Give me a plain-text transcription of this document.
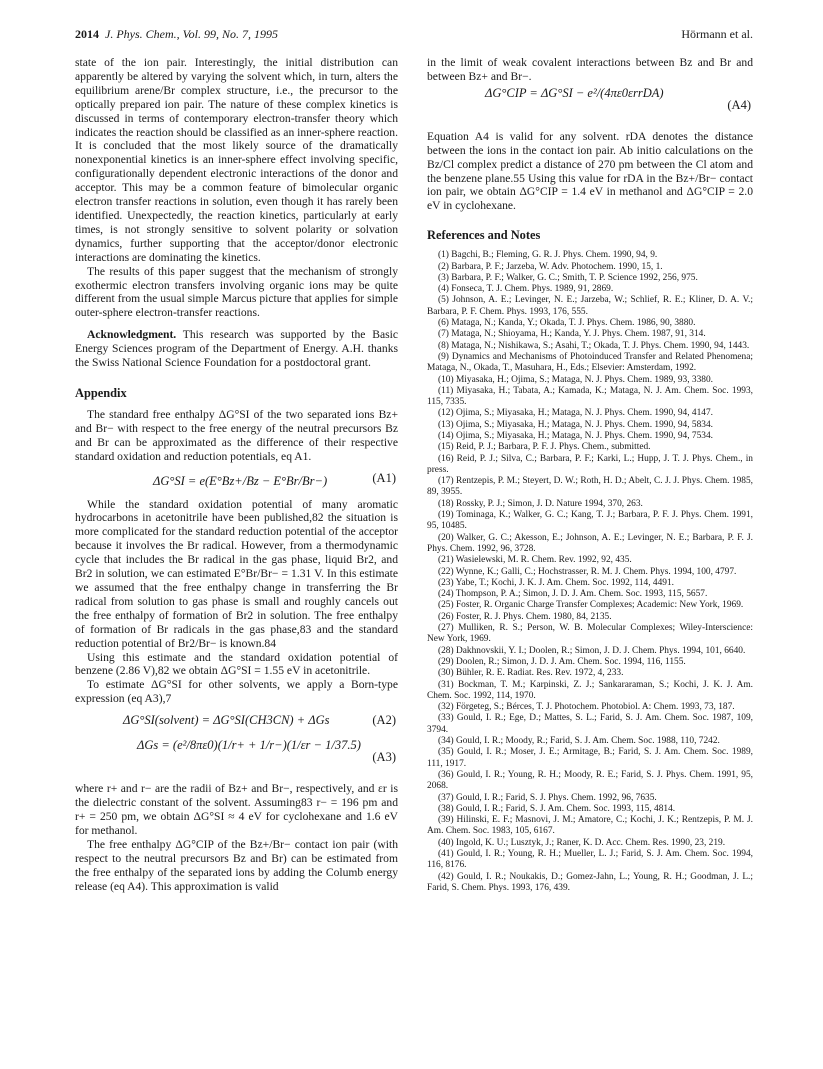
2014 J. Phys. Chem., Vol. 99, No. 7, 1995	Hörmann et al.

state of the ion pair. Interestingly, the initial distribution can apparently be altered by varying the solvent which, in turn, alters the equilibrium arene/Br complex structure, i.e., the precursor to the optically prepared ion pair. The nature of these complex kinetics is discussed in terms of contemporary electron-transfer theory which indicates the reaction should be classified as an inner-sphere reaction. It is concluded that the most likely source of the dramatically nonexponential kinetics is an inner-sphere effect involving specific, configurationally dependent electronic interactions of the donor and acceptor. This may be a common feature of bimolecular organic electron transfer reactions in solution, even though it has rarely been identified. Unexpectedly, the reaction kinetics, particularly at early times, is not strongly sensitive to solvent polarity or solvation dynamics, further supporting that the acceptor/donor electronic interactions are dominating the kinetics.

The results of this paper suggest that the mechanism of strongly exothermic electron transfers involving organic ions may be quite different from the usual simple Marcus picture that applies for simple outer-sphere electron-transfer reactions.

Acknowledgment. This research was supported by the Basic Energy Sciences program of the Department of Energy. A.H. thanks the Swiss National Science Foundation for a postdoctoral grant.

Appendix

The standard free enthalpy ΔG°SI of the two separated ions Bz+ and Br− with respect to the free energy of the neutral precursors Bz and Br can be approximated as the difference of their respective standard oxidation and reduction potentials, eq A1.

ΔG°SI = e(E°Bz+/Bz − E°Br/Br−)	(A1)

While the standard oxidation potential of many aromatic hydrocarbons in acetonitrile have been published,82 the situation is more complicated for the standard reduction potential of the acceptor because it involves the Br radical. However, from a thermodynamic cycle that includes the Br radical in the gas phase, liquid Br2, and Br2 in solution, we can estimated E°Br/Br− = 1.31 V. In this estimate we assumed that the free enthalpy change in transferring the Br radical from solution to gas phase is small and roughly cancels out the free enthalpy of formation of Br2 in solution. The free enthalpy of formation of Br radicals in the gas phase,83 and the standard reduction potential of Br2/Br− is known.84

Using this estimate and the standard oxidation potential of benzene (2.86 V),82 we obtain ΔG°SI = 1.55 eV in acetonitrile.

To estimate ΔG°SI for other solvents, we apply a Born-type expression (eq A3),7

ΔG°SI(solvent) = ΔG°SI(CH3CN) + ΔGs	(A2)
ΔGs = (e²/8πε0)(1/r+ + 1/r−)(1/εr − 1/37.5)
(A3)

where r+ and r− are the radii of Bz+ and Br−, respectively, and εr is the dielectric constant of the solvent. Assuming83 r− = 196 pm and r+ = 250 pm, we obtain ΔG°SI ≈ 4 eV for cyclohexane and 1.6 eV for methanol.

The free enthalpy ΔG°CIP of the Bz+/Br− contact ion pair (with respect to the neutral precursors Bz and Br) can be estimated from the free enthalpy of the separated ions by adding the Columb energy release (eq A4). This approximation is valid

in the limit of weak covalent interactions between Bz and Br and between Bz+ and Br−.

ΔG°CIP = ΔG°SI − e²/(4πε0εrrDA)
(A4)

Equation A4 is valid for any solvent. rDA denotes the distance between the ions in the contact ion pair. Ab initio calculations on the Bz/Cl complex predict a distance of 270 pm between the Cl atom and the benzene plane.55 Using this value for rDA in the Bz+/Br− contact ion pair, we obtain ΔG°CIP = 1.4 eV in methanol and ΔG°CIP = 2.0 eV in cyclohexane.

References and Notes
(1) Bagchi, B.; Fleming, G. R. J. Phys. Chem. 1990, 94, 9.
(2) Barbara, P. F.; Jarzeba, W. Adv. Photochem. 1990, 15, 1.
(3) Barbara, P. F.; Walker, G. C.; Smith, T. P. Science 1992, 256, 975.
(4) Fonseca, T. J. Chem. Phys. 1989, 91, 2869.
(5) Johnson, A. E.; Levinger, N. E.; Jarzeba, W.; Schlief, R. E.; Kliner, D. A. V.; Barbara, P. F. Chem. Phys. 1993, 176, 555.
(6) Mataga, N.; Kanda, Y.; Okada, T. J. Phys. Chem. 1986, 90, 3880.
(7) Mataga, N.; Shioyama, H.; Kanda, Y. J. Phys. Chem. 1987, 91, 314.
(8) Mataga, N.; Nishikawa, S.; Asahi, T.; Okada, T. J. Phys. Chem. 1990, 94, 1443.
(9) Dynamics and Mechanisms of Photoinduced Transfer and Related Phenomena; Mataga, N., Okada, T., Masuhara, H., Eds.; Elsevier: Amsterdam, 1992.
(10) Miyasaka, H.; Ojima, S.; Mataga, N. J. Phys. Chem. 1989, 93, 3380.
(11) Miyasaka, H.; Tabata, A.; Kamada, K.; Mataga, N. J. Am. Chem. Soc. 1993, 115, 7335.
(12) Ojima, S.; Miyasaka, H.; Mataga, N. J. Phys. Chem. 1990, 94, 4147.
(13) Ojima, S.; Miyasaka, H.; Mataga, N. J. Phys. Chem. 1990, 94, 5834.
(14) Ojima, S.; Miyasaka, H.; Mataga, N. J. Phys. Chem. 1990, 94, 7534.
(15) Reid, P. J.; Barbara, P. F. J. Phys. Chem., submitted.
(16) Reid, P. J.; Silva, C.; Barbara, P. F.; Karki, L.; Hupp, J. T. J. Phys. Chem., in press.
(17) Rentzepis, P. M.; Steyert, D. W.; Roth, H. D.; Abelt, C. J. J. Phys. Chem. 1985, 89, 3955.
(18) Rossky, P. J.; Simon, J. D. Nature 1994, 370, 263.
(19) Tominaga, K.; Walker, G. C.; Kang, T. J.; Barbara, P. F. J. Phys. Chem. 1991, 95, 10485.
(20) Walker, G. C.; Akesson, E.; Johnson, A. E.; Levinger, N. E.; Barbara, P. F. J. Phys. Chem. 1992, 96, 3728.
(21) Wasielewski, M. R. Chem. Rev. 1992, 92, 435.
(22) Wynne, K.; Galli, C.; Hochstrasser, R. M. J. Chem. Phys. 1994, 100, 4797.
(23) Yabe, T.; Kochi, J. K. J. Am. Chem. Soc. 1992, 114, 4491.
(24) Thompson, P. A.; Simon, J. D. J. Am. Chem. Soc. 1993, 115, 5657.
(25) Foster, R. Organic Charge Transfer Complexes; Academic: New York, 1969.
(26) Foster, R. J. Phys. Chem. 1980, 84, 2135.
(27) Mulliken, R. S.; Person, W. B. Molecular Complexes; Wiley-Interscience: New York, 1969.
(28) Dakhnovskii, Y. I.; Doolen, R.; Simon, J. D. J. Chem. Phys. 1994, 101, 6640.
(29) Doolen, R.; Simon, J. D. J. Am. Chem. Soc. 1994, 116, 1155.
(30) Bühler, R. E. Radiat. Res. Rev. 1972, 4, 233.
(31) Bockman, T. M.; Karpinski, Z. J.; Sankararaman, S.; Kochi, J. K. J. Am. Chem. Soc. 1992, 114, 1970.
(32) Förgeteg, S.; Bérces, T. J. Photochem. Photobiol. A: Chem. 1993, 73, 187.
(33) Gould, I. R.; Ege, D.; Mattes, S. L.; Farid, S. J. Am. Chem. Soc. 1987, 109, 3794.
(34) Gould, I. R.; Moody, R.; Farid, S. J. Am. Chem. Soc. 1988, 110, 7242.
(35) Gould, I. R.; Moser, J. E.; Armitage, B.; Farid, S. J. Am. Chem. Soc. 1989, 111, 1917.
(36) Gould, I. R.; Young, R. H.; Moody, R. E.; Farid, S. J. Phys. Chem. 1991, 95, 2068.
(37) Gould, I. R.; Farid, S. J. Phys. Chem. 1992, 96, 7635.
(38) Gould, I. R.; Farid, S. J. Am. Chem. Soc. 1993, 115, 4814.
(39) Hilinski, E. F.; Masnovi, J. M.; Amatore, C.; Kochi, J. K.; Rentzepis, P. M. J. Am. Chem. Soc. 1983, 105, 6167.
(40) Ingold, K. U.; Lusztyk, J.; Raner, K. D. Acc. Chem. Res. 1990, 23, 219.
(41) Gould, I. R.; Young, R. H.; Mueller, L. J.; Farid, S. J. Am. Chem. Soc. 1994, 116, 8176.
(42) Gould, I. R.; Noukakis, D.; Gomez-Jahn, L.; Young, R. H.; Goodman, J. L.; Farid, S. Chem. Phys. 1993, 176, 439.
